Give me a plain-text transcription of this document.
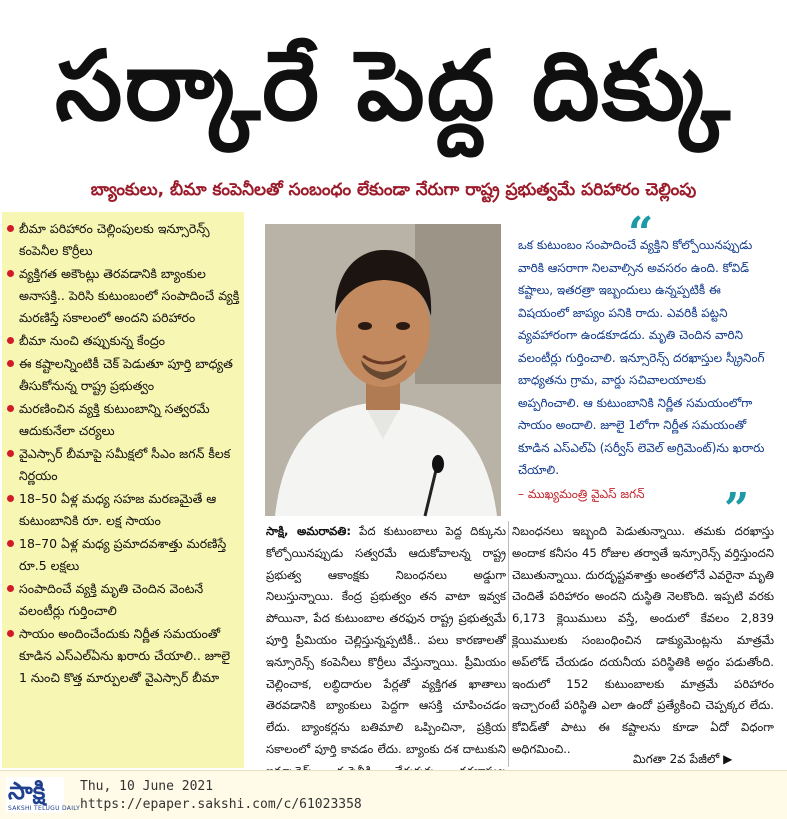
సర్కారే పెద్ద దిక్కు
బ్యాంకులు, బీమా కంపెనీలతో సంబంధం లేకుండా నేరుగా రాష్ట్ర ప్రభుత్వమే పరిహారం చెల్లింపు
బీమా పరిహారం చెల్లింపులకు ఇన్సూరెన్స్ కంపెనీల కొర్రీలు
వ్యక్తిగత అకౌంట్లు తెరవడానికి బ్యాంకుల అనాసక్తి.. పెరిసి కుటుంబంలో సంపాదించే వ్యక్తి మరణిస్తే సకాలంలో అందని పరిహారం
బీమా నుంచి తప్పుకున్న కేంద్రం
ఈ కష్టాలన్నింటికీ చెక్ పెడుతూ పూర్తి బాధ్యత తీసుకోనున్న రాష్ట్ర ప్రభుత్వం
మరణించిన వ్యక్తి కుటుంబాన్ని సత్వరమే ఆదుకునేలా చర్యలు
వైఎస్సార్ బీమాపై సమీక్షలో సీఎం జగన్ కీలక నిర్ణయం
18–50 ఏళ్ల మధ్య సహజ మరణమైతే ఆ కుటుంబానికి రూ. లక్ష సాయం
18–70 ఏళ్ల మధ్య ప్రమాదవశాత్తు మరణిస్తే రూ.5 లక్షలు
సంపాదించే వ్యక్తి మృతి చెందిన వెంటనే వలంటీర్లు గుర్తించాలి
సాయం అందించేందుకు నిర్ణీత సమయంతో కూడిన ఎస్ఎల్ఏను ఖరారు చేయాలి.. జూలై 1 నుంచి కొత్త మార్పులతో వైఎస్సార్ బీమా
“
ఒక కుటుంబం సంపాదించే వ్యక్తిని కోల్పోయినప్పుడు వారికి ఆసరాగా నిలవాల్సిన అవసరం ఉంది. కోవిడ్ కష్టాలు, ఇతరత్రా ఇబ్బందులు ఉన్నప్పటికీ ఈ విషయంలో జాప్యం పనికి రాదు. ఎవరికీ పట్టని వ్యవహారంగా ఉండకూడదు. మృతి చెందిన వారిని వలంటీర్లు గుర్తించాలి. ఇన్సూరెన్స్ దరఖాస్తుల స్క్రీనింగ్ బాధ్యతను గ్రామ, వార్డు సచివాలయాలకు అప్పగించాలి. ఆ కుటుంబానికి నిర్ణీత సమయంలోగా సాయం అందాలి. జూలై 1లోగా నిర్ణీత సమయంతో కూడిన ఎస్ఎల్ఏ (సర్వీస్ లెవెల్ అగ్రిమెంట్)ను ఖరారు చేయాలి.
– ముఖ్యమంత్రి వైఎస్ జగన్	”
సాక్షి, అమరావతి: పేద కుటుంబాలు పెద్ద దిక్కును కోల్పోయినప్పుడు సత్వరమే ఆదుకోవాలన్న రాష్ట్ర ప్రభుత్వ ఆకాంక్షకు నిబంధనలు అడ్డుగా నిలుస్తున్నాయి. కేంద్ర ప్రభుత్వం తన వాటా ఇవ్వక పోయినా, పేద కుటుంబాల తరఫున రాష్ట్ర ప్రభుత్వమే పూర్తి ప్రీమియం చెల్లిస్తున్నప్పటికీ.. పలు కారణాలతో ఇన్సూరెన్స్ కంపెనీలు కొర్రీలు వేస్తున్నాయి. ప్రీమియం చెల్లించాక, లబ్ధిదారుల పేర్లతో వ్యక్తిగత ఖాతాలు తెరవడానికి బ్యాంకులు పెద్దగా ఆసక్తి చూపించడం లేదు. బ్యాంకర్లను బతిమాలి ఒప్పించినా, ప్రక్రియ సకాలంలో పూర్తి కావడం లేదు. బ్యాంకు దశ దాటుకుని
నిబంధనలు ఇబ్బంది పెడుతున్నాయి. తమకు దరఖాస్తు అందాక కనీసం 45 రోజుల తర్వాతే ఇన్సూరెన్స్ వర్తిస్తుందని చెబుతున్నాయి. దురదృష్టవశాత్తు అంతలోనే ఎవరైనా మృతి చెందితే పరిహారం అందని దుస్థితి నెలకొంది. ఇప్పటి వరకు 6,173 క్లెయిములు వస్తే, అందులో కేవలం 2,839 క్లెయిములకు సంబంధించిన డాక్యుమెంట్లను మాత్రమే అప్‌లోడ్ చేయడం దయనీయ పరిస్థితికి అద్దం పడుతోంది. ఇందులో 152 కుటుంబాలకు మాత్రమే పరిహారం ఇచ్చారంటే పరిస్థితి ఎలా ఉందో ప్రత్యేకించి చెప్పక్కర లేదు. కోవిడ్‌తో పాటు ఈ కష్టాలను కూడా ఏదో విధంగా అధిగమించి..
మిగతా 2వ పేజీలో ▶
సాక్షి
SAKSHI TELUGU DAILY
Thu, 10 June 2021
https://epaper.sakshi.com/c/61023358
